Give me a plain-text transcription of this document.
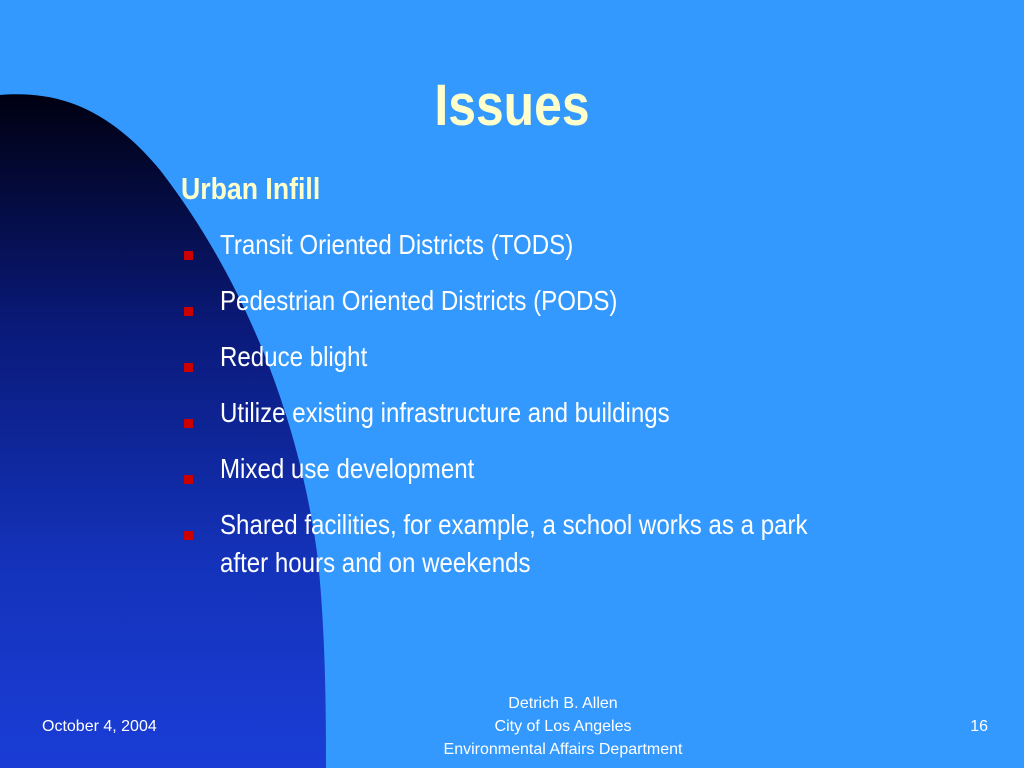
Issues
Urban Infill
Transit Oriented Districts (TODS)
Pedestrian Oriented Districts (PODS)
Reduce blight
Utilize existing infrastructure and buildings
Mixed use development
Shared facilities, for example, a school works as a park after hours and on weekends
October 4, 2004
Detrich B. Allen
City of Los Angeles
Environmental Affairs Department
16
